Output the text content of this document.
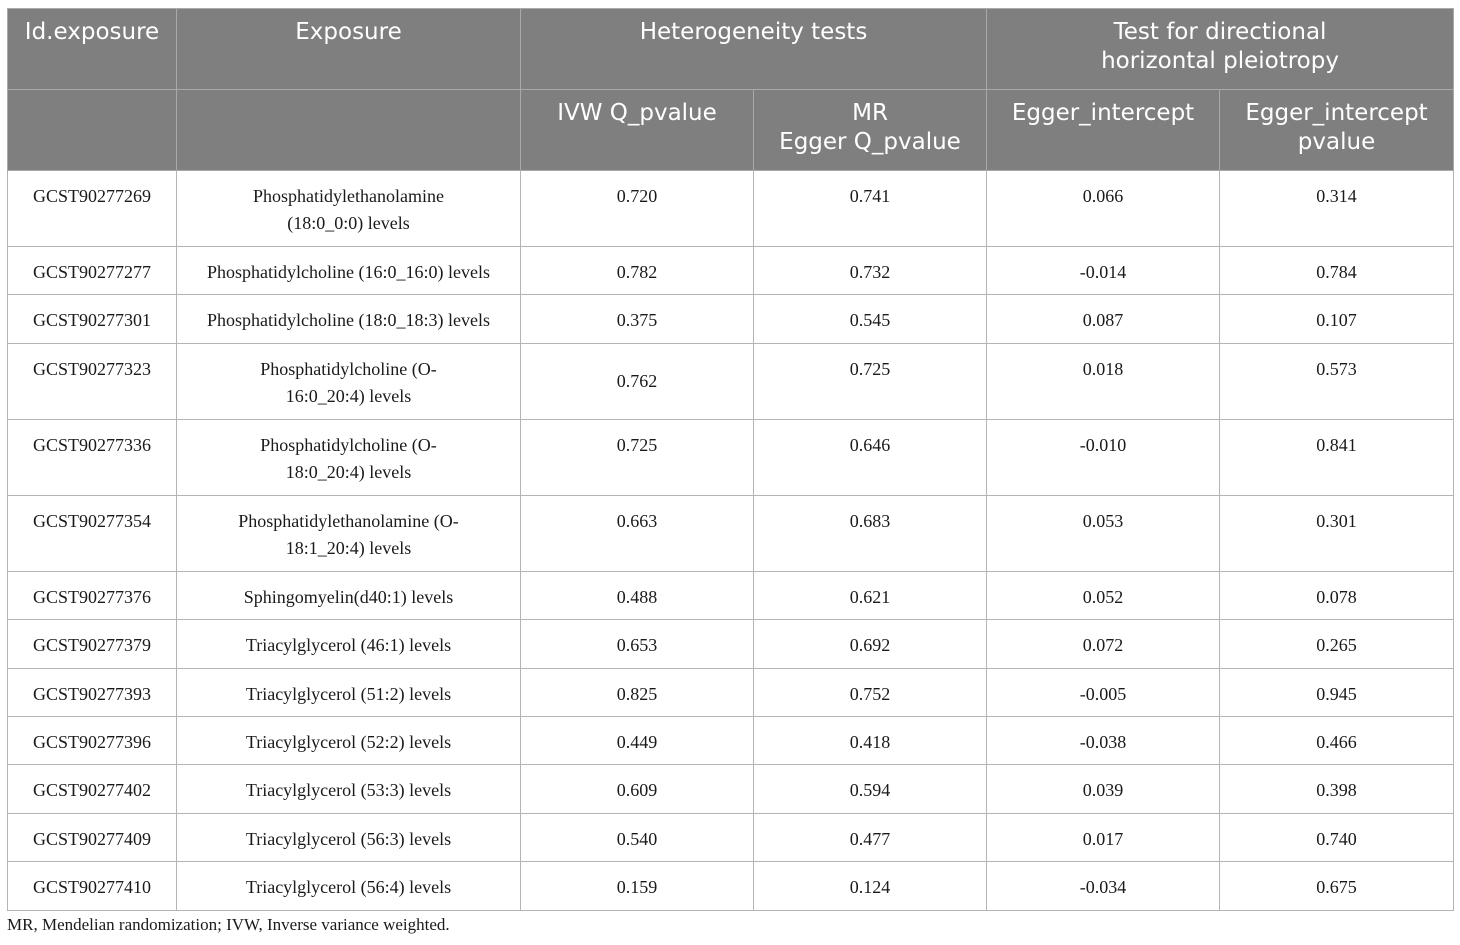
Id.exposure	Exposure	Heterogeneity tests		Test for directional
horizontal pleiotropy	
		IVW Q_pvalue	MR
Egger Q_pvalue	Egger_intercept	Egger_intercept
pvalue
GCST90277269	Phosphatidylethanolamine
(18:0_0:0) levels	0.720	0.741	0.066	0.314
GCST90277277	Phosphatidylcholine (16:0_16:0) levels	0.782	0.732	-0.014	0.784
GCST90277301	Phosphatidylcholine (18:0_18:3) levels	0.375	0.545	0.087	0.107
GCST90277323	Phosphatidylcholine (O-
16:0_20:4) levels	0.762	0.725	0.018	0.573
GCST90277336	Phosphatidylcholine (O-
18:0_20:4) levels	0.725	0.646	-0.010	0.841
GCST90277354	Phosphatidylethanolamine (O-
18:1_20:4) levels	0.663	0.683	0.053	0.301
GCST90277376	Sphingomyelin(d40:1) levels	0.488	0.621	0.052	0.078
GCST90277379	Triacylglycerol (46:1) levels	0.653	0.692	0.072	0.265
GCST90277393	Triacylglycerol (51:2) levels	0.825	0.752	-0.005	0.945
GCST90277396	Triacylglycerol (52:2) levels	0.449	0.418	-0.038	0.466
GCST90277402	Triacylglycerol (53:3) levels	0.609	0.594	0.039	0.398
GCST90277409	Triacylglycerol (56:3) levels	0.540	0.477	0.017	0.740
GCST90277410	Triacylglycerol (56:4) levels	0.159	0.124	-0.034	0.675
MR, Mendelian randomization; IVW, Inverse variance weighted.
